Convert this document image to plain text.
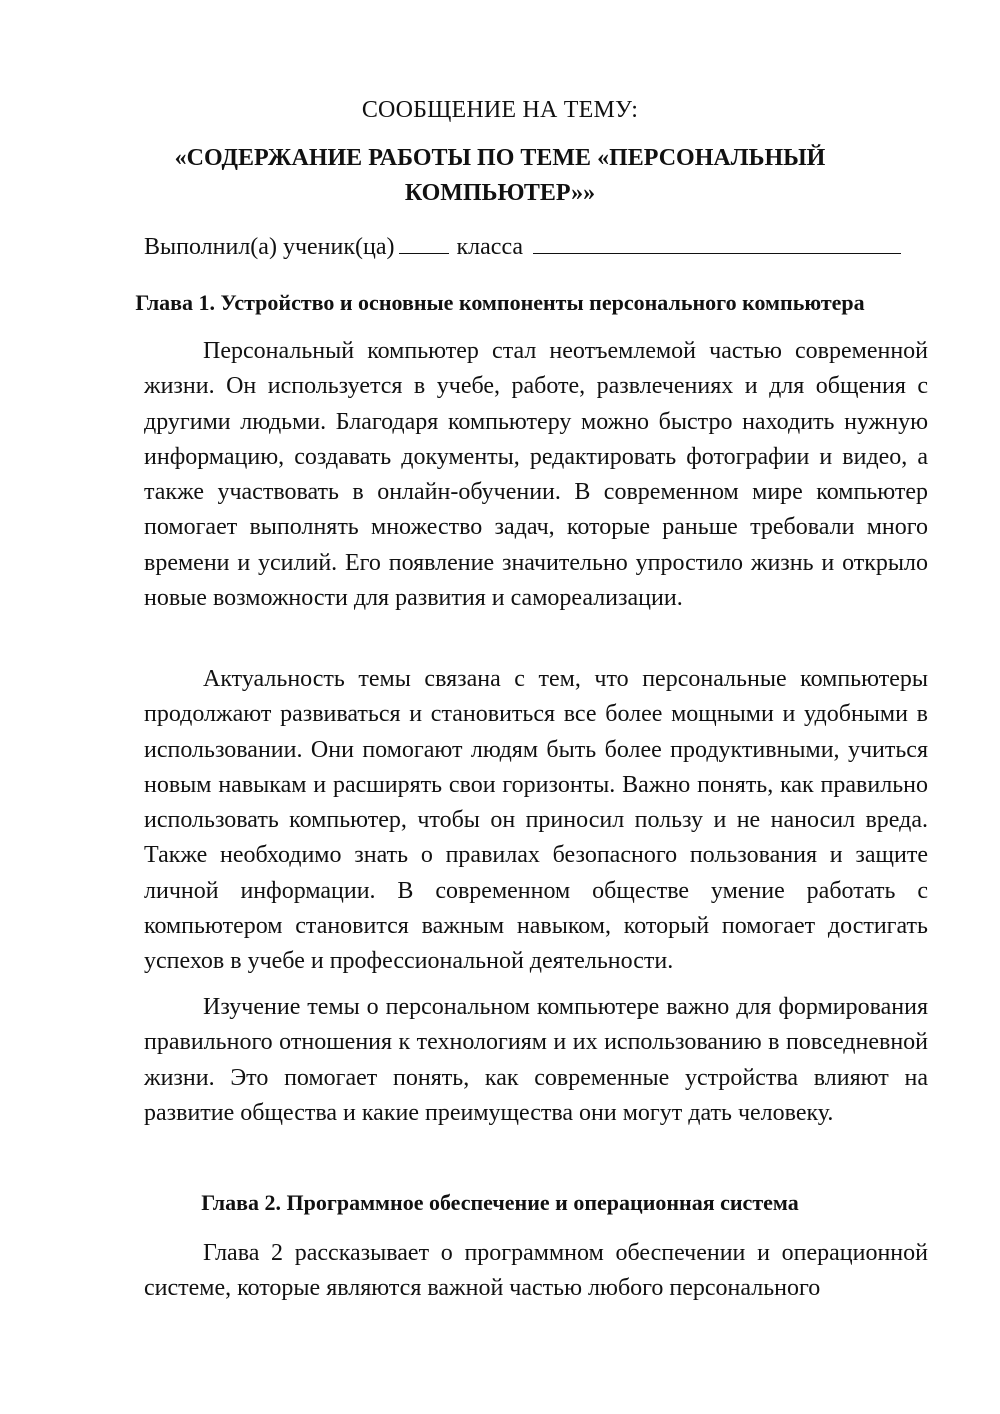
СООБЩЕНИЕ НА ТЕМУ:
«СОДЕРЖАНИЕ РАБОТЫ ПО ТЕМЕ «ПЕРСОНАЛЬНЫЙ
КОМПЬЮТЕР»»
Выполнил(а) ученик(ца)	класса
Глава 1. Устройство и основные компоненты персонального компьютера

Персональный компьютер стал неотъемлемой частью современной жизни. Он используется в учебе, работе, развлечениях и для общения с другими людьми. Благодаря компьютеру можно быстро находить нужную информацию, создавать документы, редактировать фотографии и видео, а также участвовать в онлайн-обучении. В современном мире компьютер помогает выполнять множество задач, которые раньше требовали много времени и усилий. Его появление значительно упростило жизнь и открыло новые возможности для развития и самореализации.

Актуальность темы связана с тем, что персональные компьютеры продолжают развиваться и становиться все более мощными и удобными в использовании. Они помогают людям быть более продуктивными, учиться новым навыкам и расширять свои горизонты. Важно понять, как правильно использовать компьютер, чтобы он приносил пользу и не наносил вреда. Также необходимо знать о правилах безопасного пользования и защите личной информации. В современном обществе умение работать с компьютером становится важным навыком, который помогает достигать успехов в учебе и профессиональной деятельности.

Изучение темы о персональном компьютере важно для формирования правильного отношения к технологиям и их использованию в повседневной жизни. Это помогает понять, как современные устройства влияют на развитие общества и какие преимущества они могут дать человеку.

Глава 2. Программное обеспечение и операционная система

Глава 2 рассказывает о программном обеспечении и операционной системе, которые являются важной частью любого персонального
